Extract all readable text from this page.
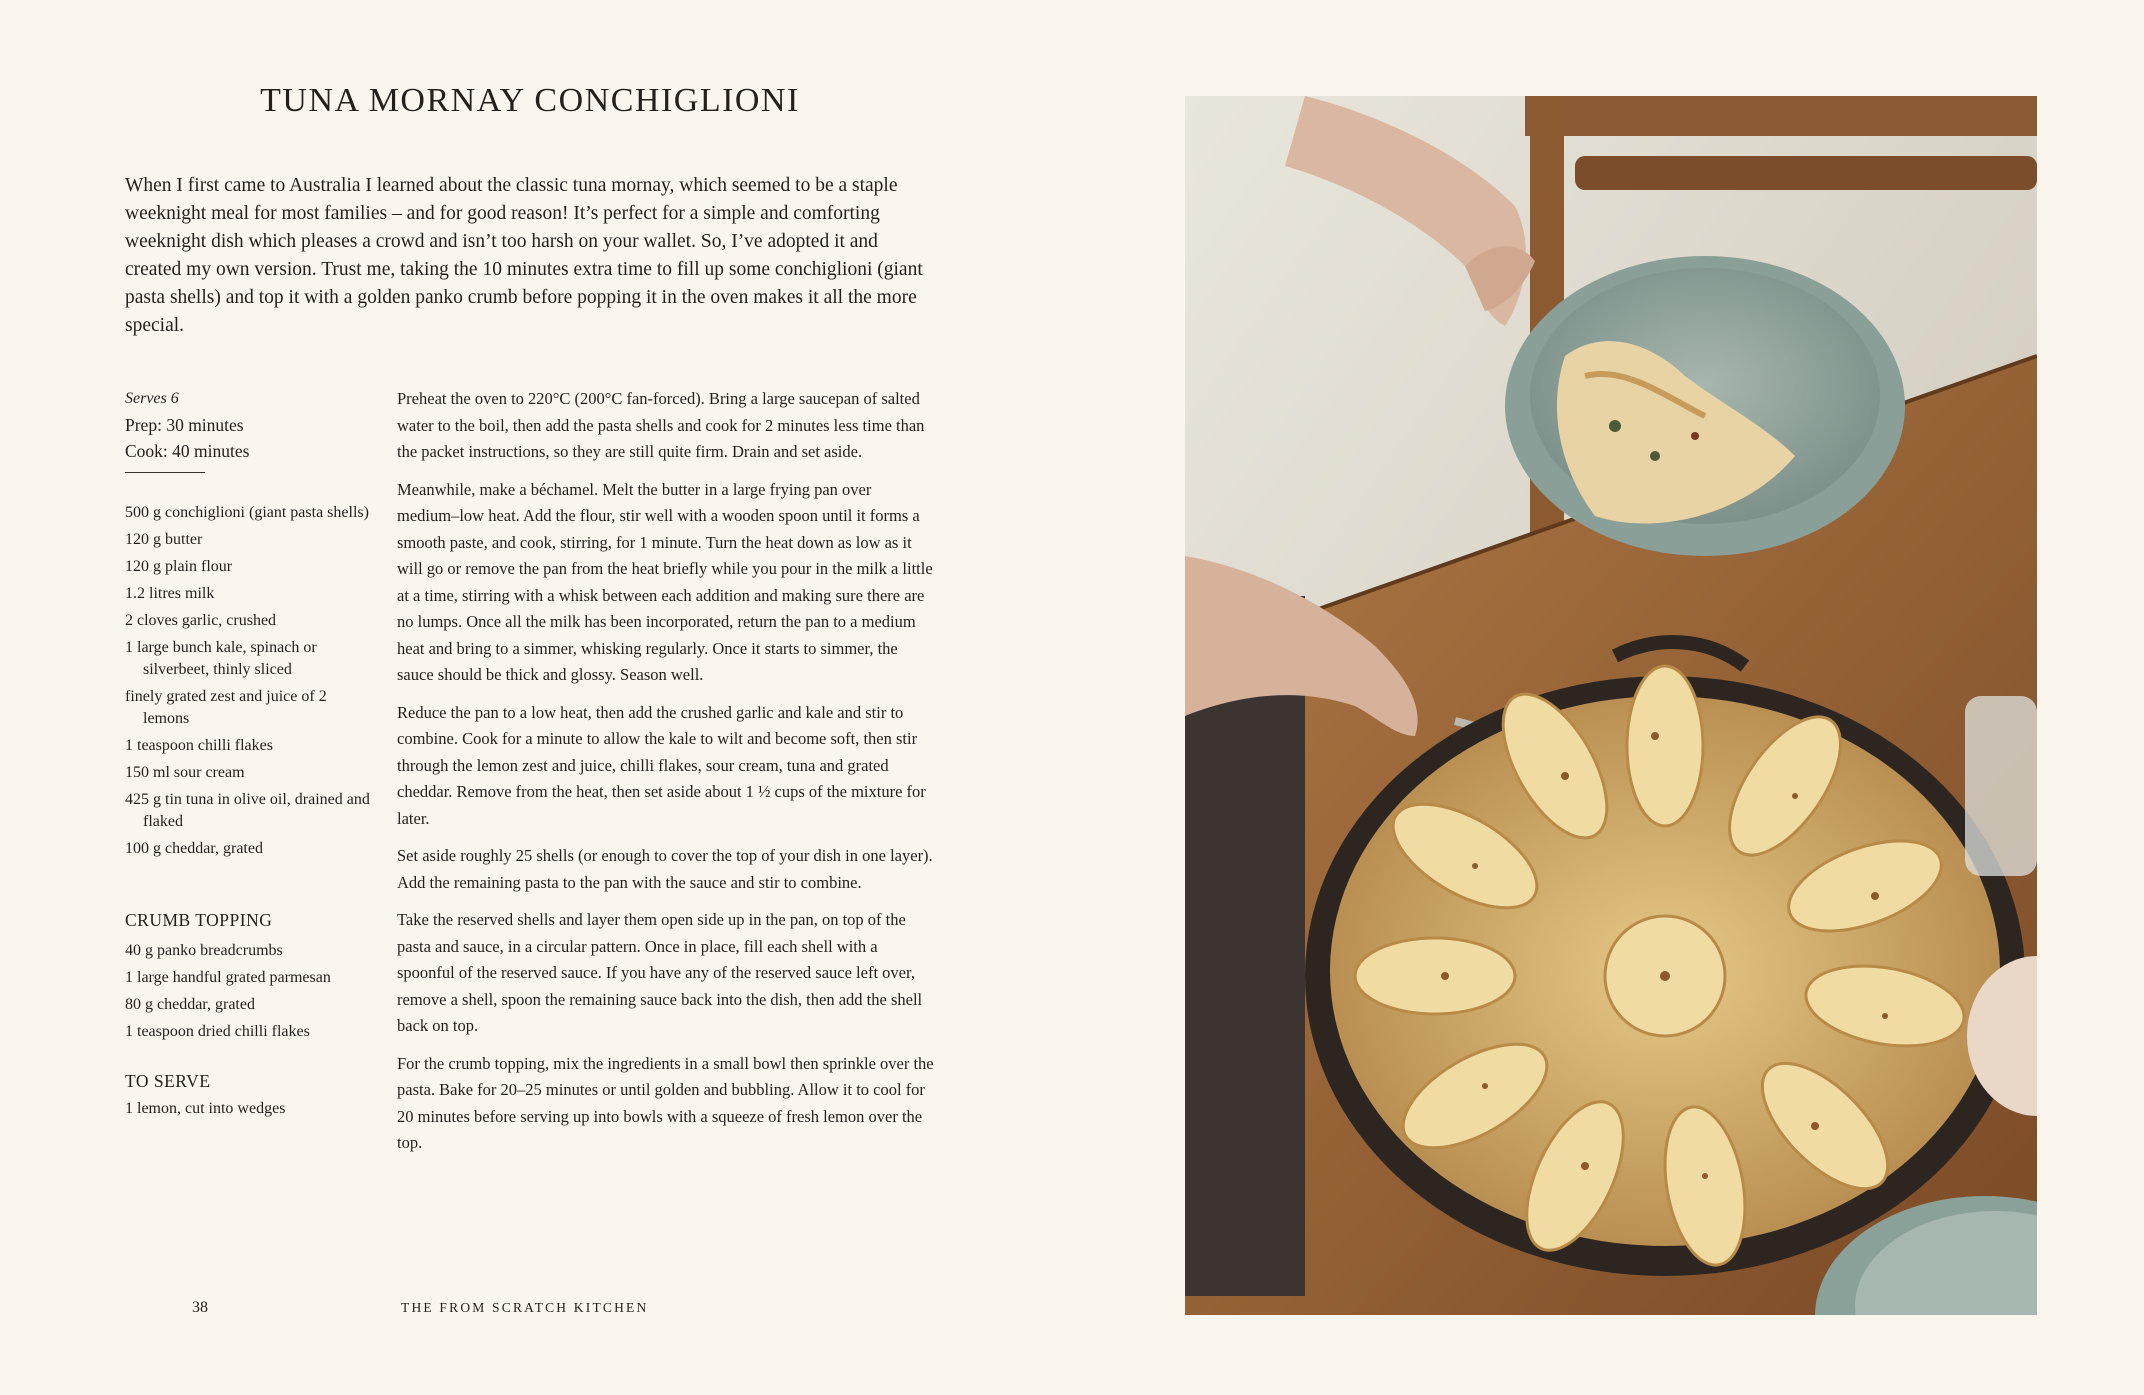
TUNA MORNAY CONCHIGLIONI

When I first came to Australia I learned about the classic tuna mornay, which seemed to be a staple weeknight meal for most families – and for good reason! It’s perfect for a simple and comforting weeknight dish which pleases a crowd and isn’t too harsh on your wallet. So, I’ve adopted it and created my own version. Trust me, taking the 10 minutes extra time to fill up some conchiglioni (giant pasta shells) and top it with a golden panko crumb before popping it in the oven makes it all the more special.

Serves 6
Prep: 30 minutes
Cook: 40 minutes
500 g conchiglioni (giant pasta shells)
120 g butter
120 g plain flour
1.2 litres milk
2 cloves garlic, crushed
1 large bunch kale, spinach or silverbeet, thinly sliced
finely grated zest and juice of 2 lemons
1 teaspoon chilli flakes
150 ml sour cream
425 g tin tuna in olive oil, drained and flaked
100 g cheddar, grated
CRUMB TOPPING
40 g panko breadcrumbs
1 large handful grated parmesan
80 g cheddar, grated
1 teaspoon dried chilli flakes
TO SERVE
1 lemon, cut into wedges

Preheat the oven to 220°C (200°C fan-forced). Bring a large saucepan of salted water to the boil, then add the pasta shells and cook for 2 minutes less time than the packet instructions, so they are still quite firm. Drain and set aside.

Meanwhile, make a béchamel. Melt the butter in a large frying pan over medium–low heat. Add the flour, stir well with a wooden spoon until it forms a smooth paste, and cook, stirring, for 1 minute. Turn the heat down as low as it will go or remove the pan from the heat briefly while you pour in the milk a little at a time, stirring with a whisk between each addition and making sure there are no lumps. Once all the milk has been incorporated, return the pan to a medium heat and bring to a simmer, whisking regularly. Once it starts to simmer, the sauce should be thick and glossy. Season well.

Reduce the pan to a low heat, then add the crushed garlic and kale and stir to combine. Cook for a minute to allow the kale to wilt and become soft, then stir through the lemon zest and juice, chilli flakes, sour cream, tuna and grated cheddar. Remove from the heat, then set aside about 1 ½ cups of the mixture for later.

Set aside roughly 25 shells (or enough to cover the top of your dish in one layer). Add the remaining pasta to the pan with the sauce and stir to combine.

Take the reserved shells and layer them open side up in the pan, on top of the pasta and sauce, in a circular pattern. Once in place, fill each shell with a spoonful of the reserved sauce. If you have any of the reserved sauce left over, remove a shell, spoon the remaining sauce back into the dish, then add the shell back on top.

For the crumb topping, mix the ingredients in a small bowl then sprinkle over the pasta. Bake for 20–25 minutes or until golden and bubbling. Allow it to cool for 20 minutes before serving up into bowls with a squeeze of fresh lemon over the top.

38	THE FROM SCRATCH KITCHEN
